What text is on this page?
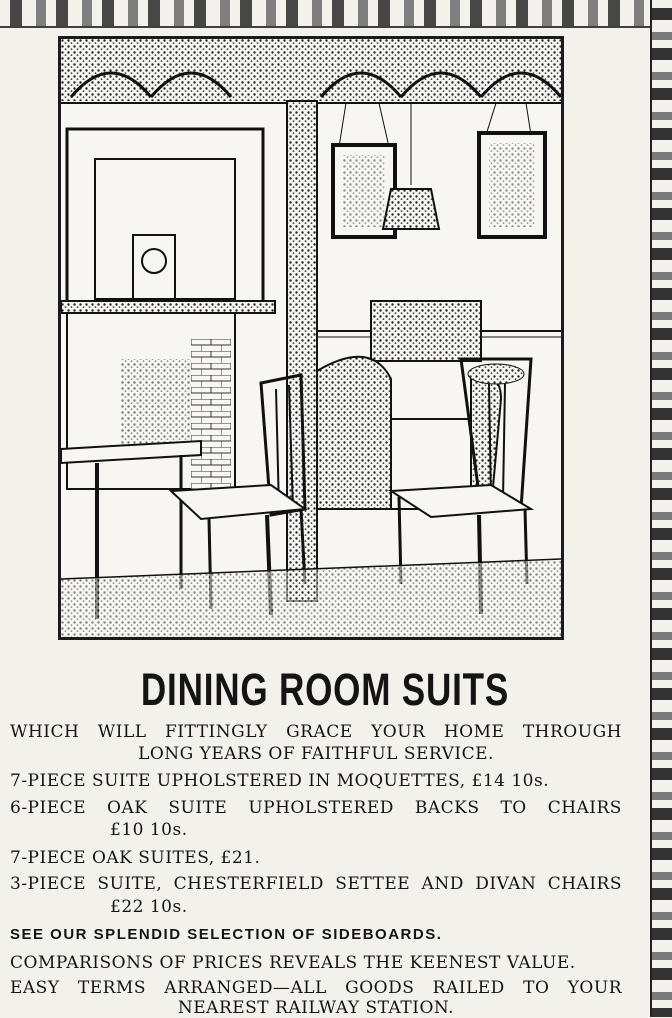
DINING ROOM SUITS
WHICH WILL FITTINGLY GRACE YOUR HOME THROUGH
LONG YEARS OF FAITHFUL SERVICE.
7-PIECE SUITE UPHOLSTERED IN MOQUETTES, £14 10s.
6-PIECE OAK SUITE UPHOLSTERED BACKS TO CHAIRS
£10 10s.
7-PIECE OAK SUITES, £21.
3-PIECE SUITE, CHESTERFIELD SETTEE AND DIVAN CHAIRS
£22 10s.
SEE OUR SPLENDID SELECTION OF SIDEBOARDS.
COMPARISONS OF PRICES REVEALS THE KEENEST VALUE.
EASY TERMS ARRANGED—ALL GOODS RAILED TO YOUR
NEAREST RAILWAY STATION.
